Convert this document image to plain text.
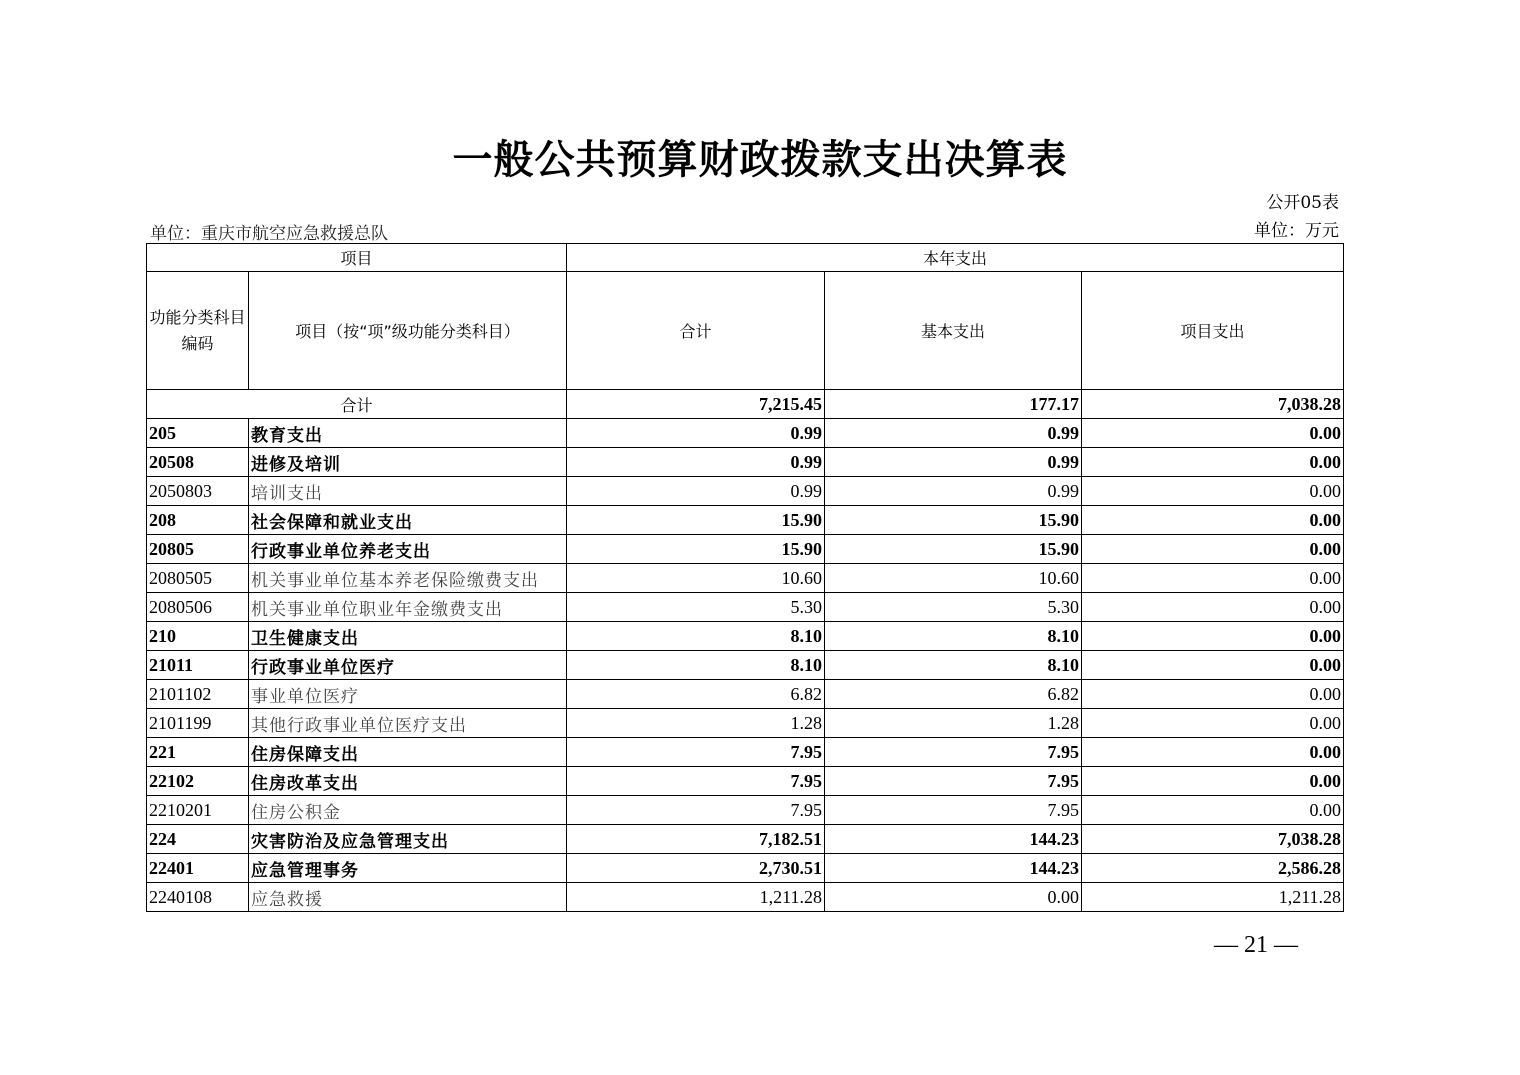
一般公共预算财政拨款支出决算表
公开05表
单位：重庆市航空应急救援总队	单位：万元
项目		本年支出		
功能分类科目编码	项目（按“项”级功能分类科目）	合计	基本支出	项目支出
合计		7,215.45	177.17	7,038.28
205	教育支出	0.99	0.99	0.00
20508	进修及培训	0.99	0.99	0.00
2050803	培训支出	0.99	0.99	0.00
208	社会保障和就业支出	15.90	15.90	0.00
20805	行政事业单位养老支出	15.90	15.90	0.00
2080505	机关事业单位基本养老保险缴费支出	10.60	10.60	0.00
2080506	机关事业单位职业年金缴费支出	5.30	5.30	0.00
210	卫生健康支出	8.10	8.10	0.00
21011	行政事业单位医疗	8.10	8.10	0.00
2101102	事业单位医疗	6.82	6.82	0.00
2101199	其他行政事业单位医疗支出	1.28	1.28	0.00
221	住房保障支出	7.95	7.95	0.00
22102	住房改革支出	7.95	7.95	0.00
2210201	住房公积金	7.95	7.95	0.00
224	灾害防治及应急管理支出	7,182.51	144.23	7,038.28
22401	应急管理事务	2,730.51	144.23	2,586.28
2240108	应急救援	1,211.28	0.00	1,211.28
— 21 —
